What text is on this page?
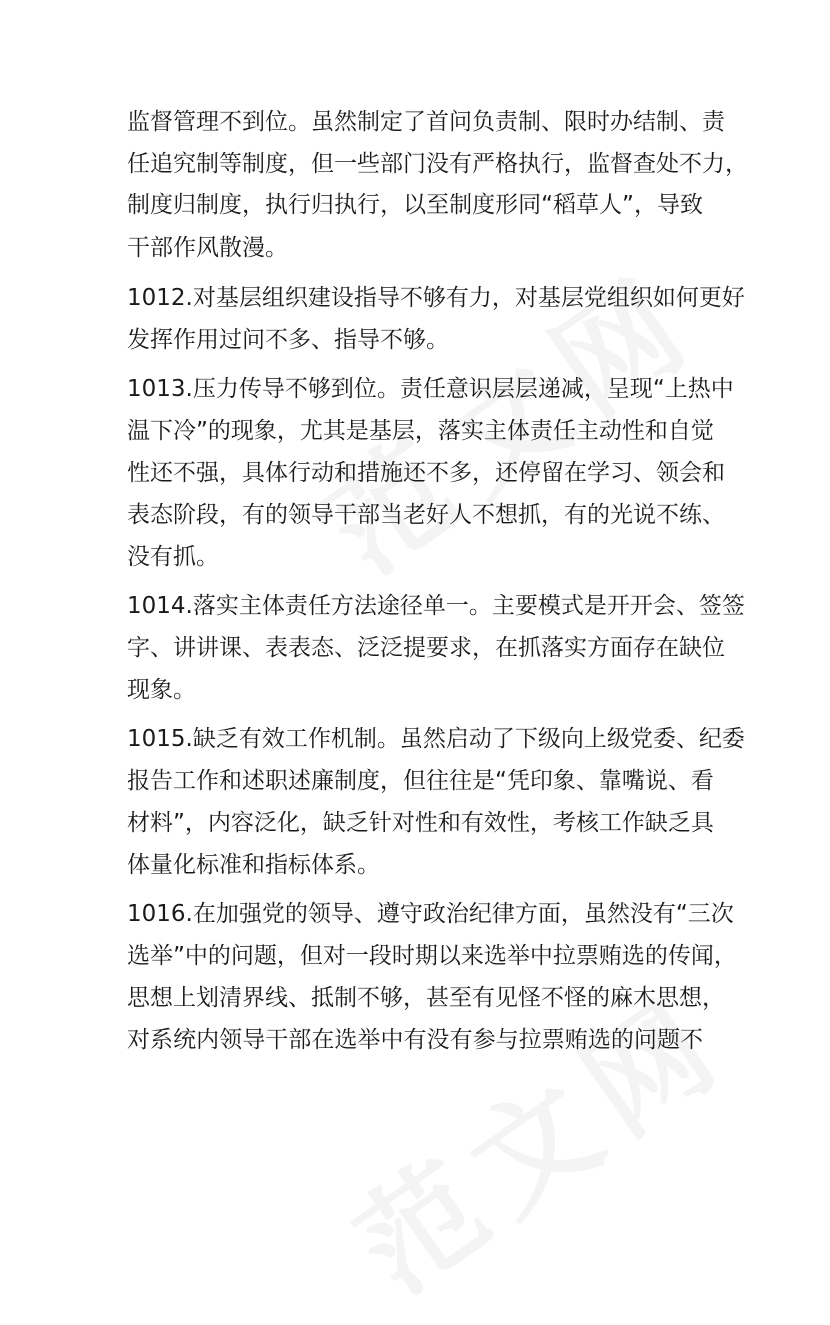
监督管理不到位。虽然制定了首问负责制、限时办结制、责
任追究制等制度，但一些部门没有严格执行，监督查处不力，
制度归制度，执行归执行，以至制度形同“稻草人”，导致
干部作风散漫。
1012.对基层组织建设指导不够有力，对基层党组织如何更好
发挥作用过问不多、指导不够。
1013.压力传导不够到位。责任意识层层递减，呈现“上热中
温下冷”的现象，尤其是基层，落实主体责任主动性和自觉
性还不强，具体行动和措施还不多，还停留在学习、领会和
表态阶段，有的领导干部当老好人不想抓，有的光说不练、
没有抓。
1014.落实主体责任方法途径单一。主要模式是开开会、签签
字、讲讲课、表表态、泛泛提要求，在抓落实方面存在缺位
现象。
1015.缺乏有效工作机制。虽然启动了下级向上级党委、纪委
报告工作和述职述廉制度，但往往是“凭印象、靠嘴说、看
材料”，内容泛化，缺乏针对性和有效性，考核工作缺乏具
体量化标准和指标体系。
1016.在加强党的领导、遵守政治纪律方面，虽然没有“三次
选举”中的问题，但对一段时期以来选举中拉票贿选的传闻，
思想上划清界线、抵制不够，甚至有见怪不怪的麻木思想，
对系统内领导干部在选举中有没有参与拉票贿选的问题不
